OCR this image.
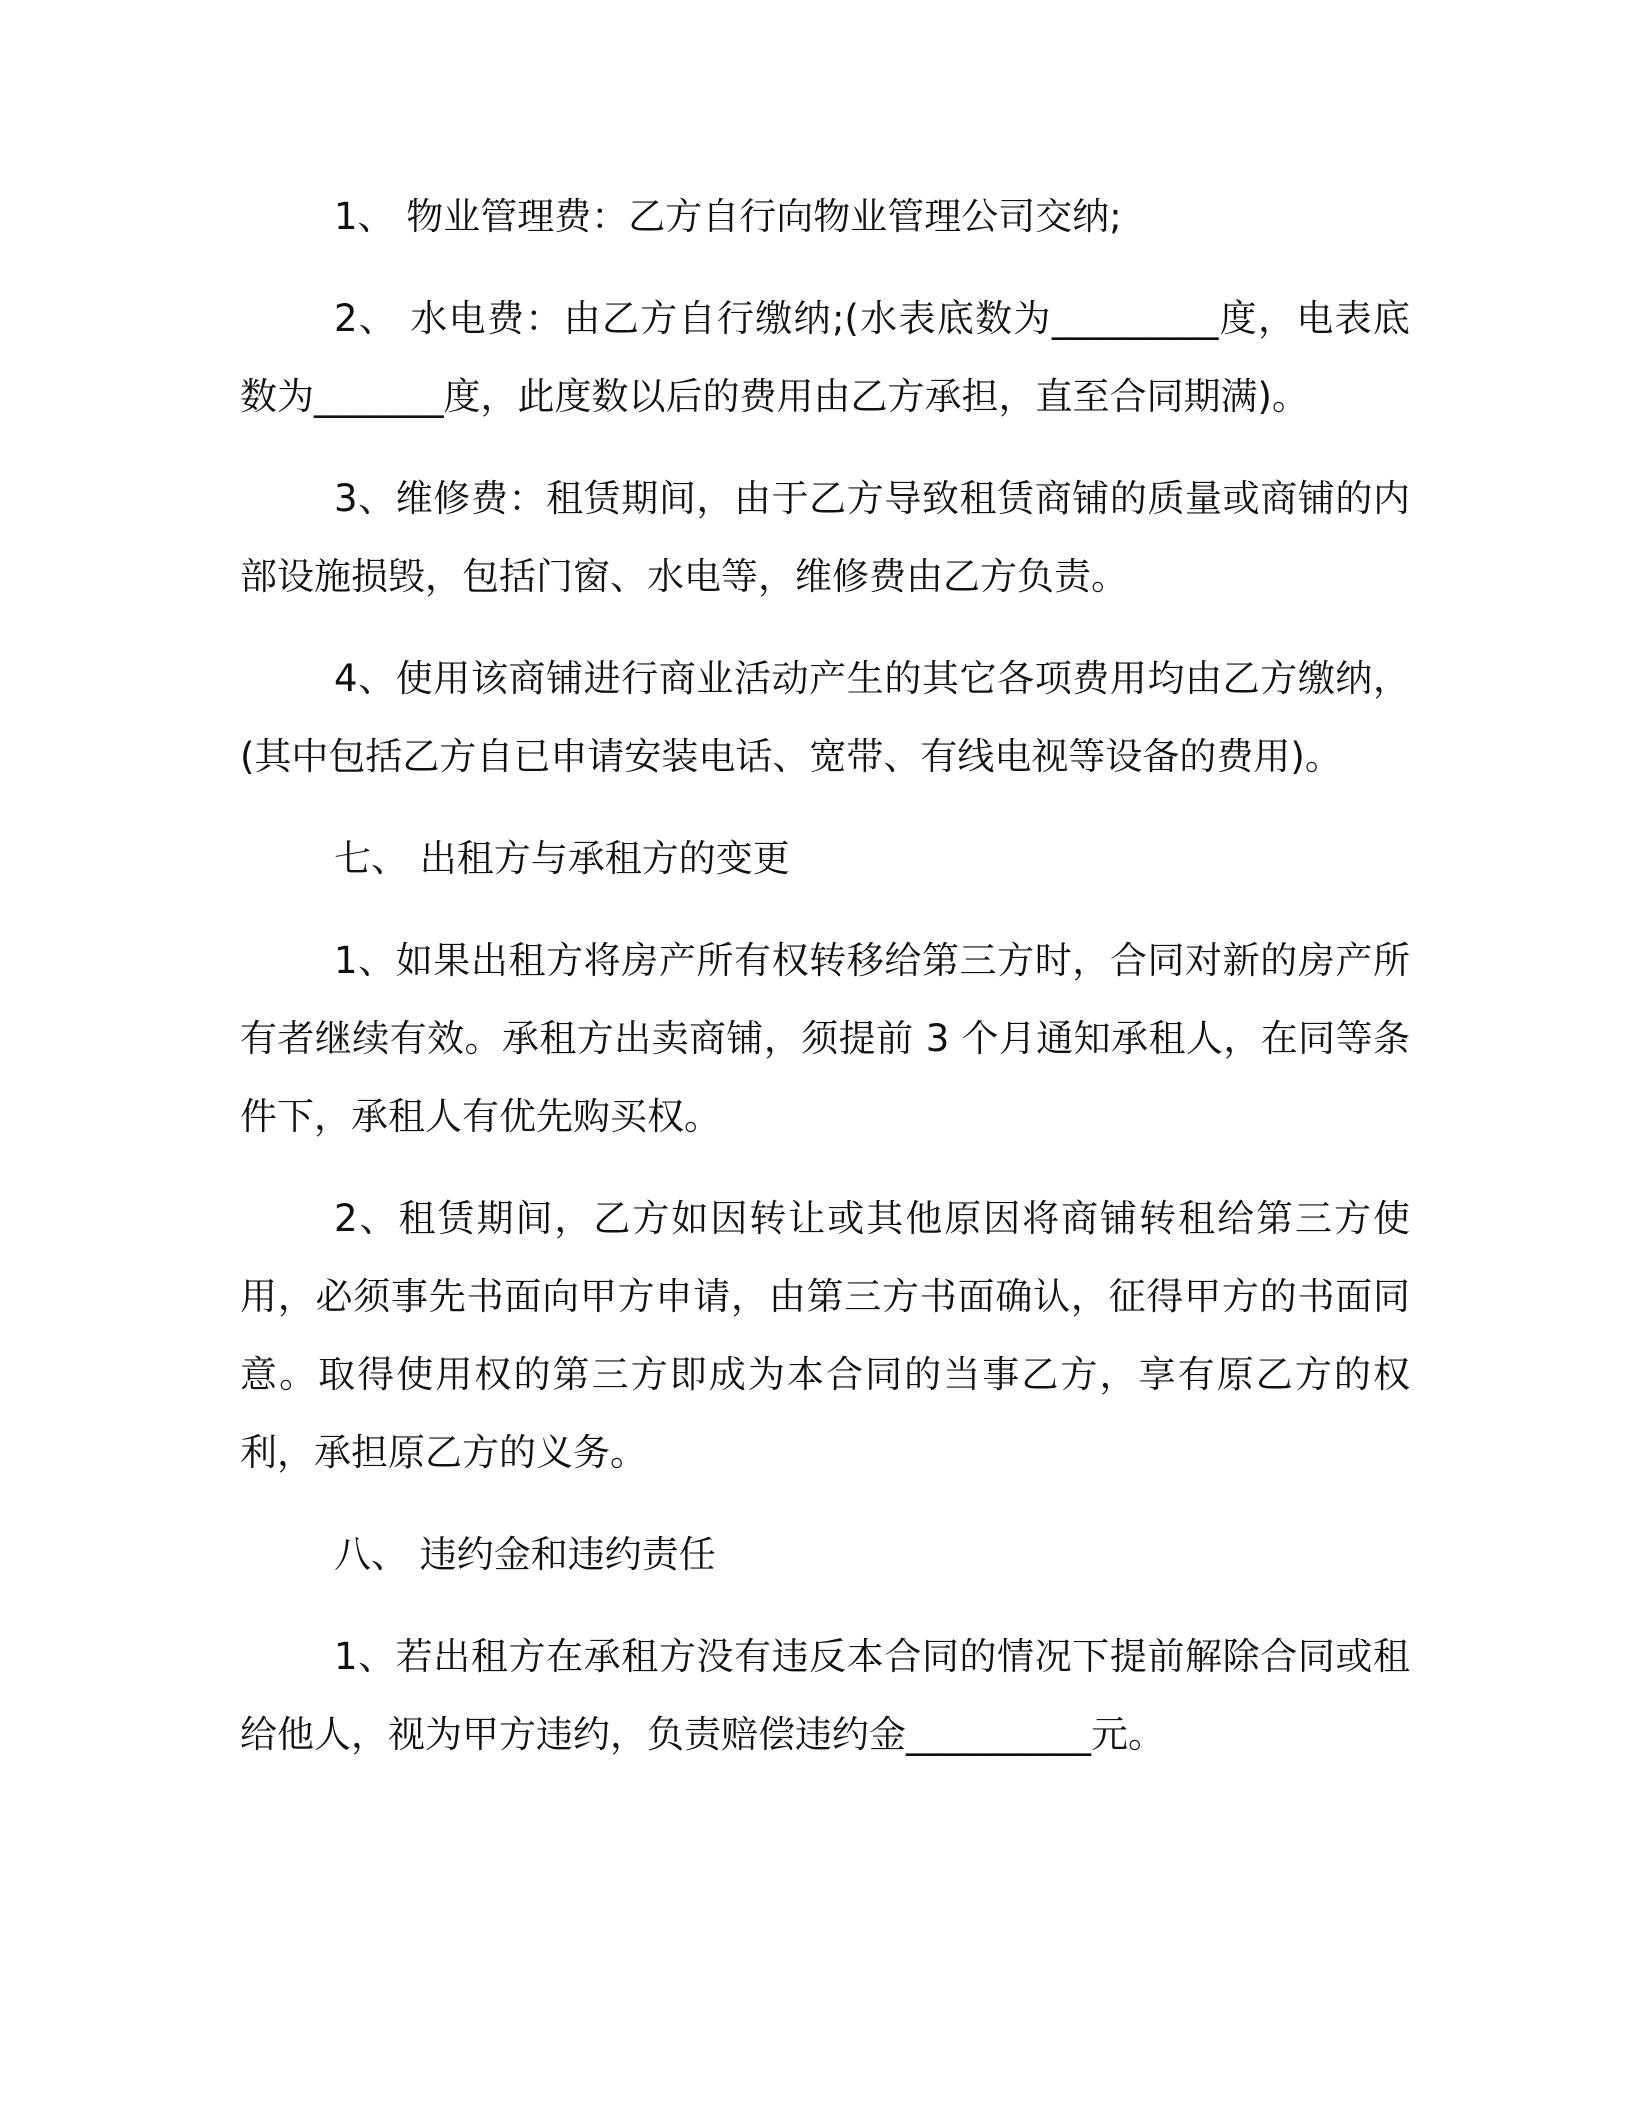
1、 物业管理费：乙方自行向物业管理公司交纳;

2、 水电费：由乙方自行缴纳;(水表底数为_________度，电表底数为_______度，此度数以后的费用由乙方承担，直至合同期满)。

3、维修费：租赁期间，由于乙方导致租赁商铺的质量或商铺的内部设施损毁，包括门窗、水电等，维修费由乙方负责。

4、使用该商铺进行商业活动产生的其它各项费用均由乙方缴纳，(其中包括乙方自已申请安装电话、宽带、有线电视等设备的费用)。

七、 出租方与承租方的变更

1、如果出租方将房产所有权转移给第三方时，合同对新的房产所有者继续有效。承租方出卖商铺，须提前 3 个月通知承租人，在同等条件下，承租人有优先购买权。

2、租赁期间，乙方如因转让或其他原因将商铺转租给第三方使用，必须事先书面向甲方申请，由第三方书面确认，征得甲方的书面同意。取得使用权的第三方即成为本合同的当事乙方，享有原乙方的权利，承担原乙方的义务。

八、 违约金和违约责任

1、若出租方在承租方没有违反本合同的情况下提前解除合同或租给他人，视为甲方违约，负责赔偿违约金__________元。
